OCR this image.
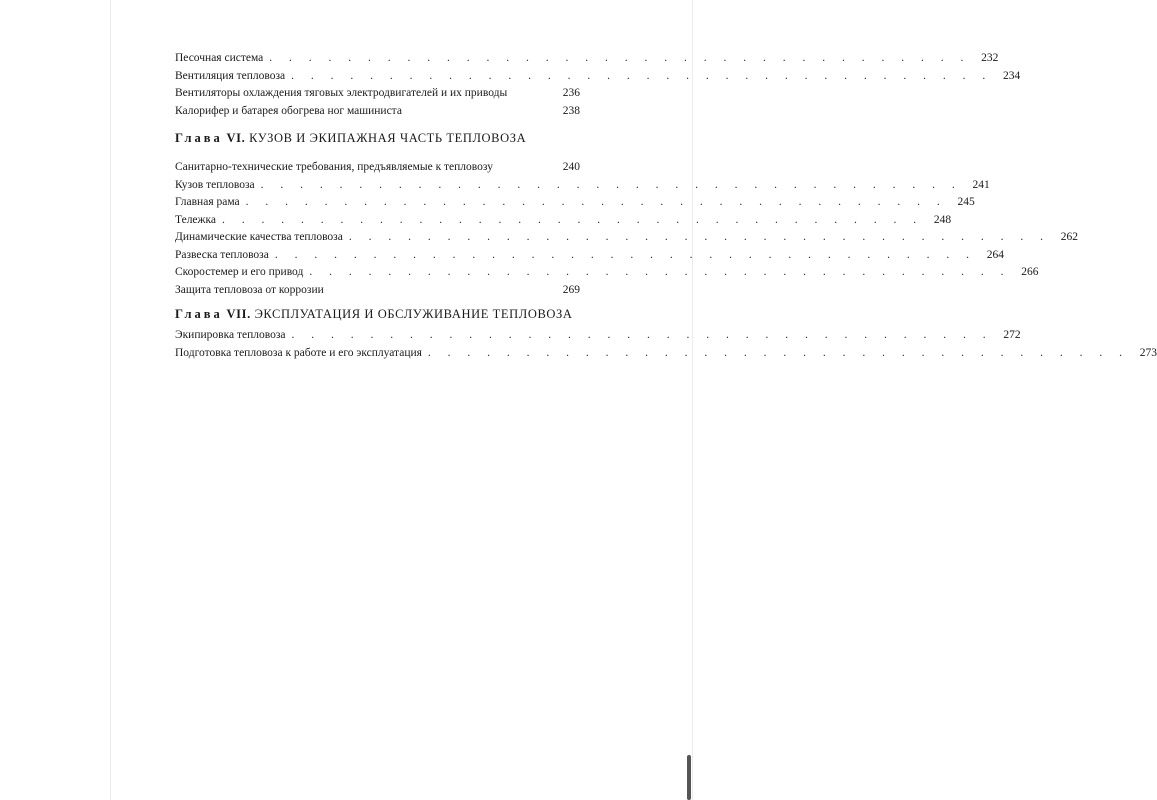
Песочная система . . . . . . . . . . . . . . . . . . . . . . . . . . . . . . . . . . . . 232
Вентиляция тепловоза . . . . . . . . . . . . . . . . . . . . . . . . . . . . . . . . . . . . 234
Вентиляторы охлаждения тяговых электродвигателей и их приводы	236
Калорифер и батарея обогрева ног машиниста	238
Глава VI. КУЗОВ И ЭКИПАЖНАЯ ЧАСТЬ ТЕПЛОВОЗА
Санитарно-технические требования, предъявляемые к тепловозу	240
Кузов тепловоза . . . . . . . . . . . . . . . . . . . . . . . . . . . . . . . . . . . . 241
Главная рама . . . . . . . . . . . . . . . . . . . . . . . . . . . . . . . . . . . . 245
Тележка . . . . . . . . . . . . . . . . . . . . . . . . . . . . . . . . . . . . 248
Динамические качества тепловоза . . . . . . . . . . . . . . . . . . . . . . . . . . . . . . . . . . . . 262
Развеска тепловоза . . . . . . . . . . . . . . . . . . . . . . . . . . . . . . . . . . . . 264
Скоростемер и его привод . . . . . . . . . . . . . . . . . . . . . . . . . . . . . . . . . . . . 266
Защита тепловоза от коррозии	269
Глава VII. ЭКСПЛУАТАЦИЯ И ОБСЛУЖИВАНИЕ ТЕПЛОВОЗА
Экипировка тепловоза . . . . . . . . . . . . . . . . . . . . . . . . . . . . . . . . . . . . 272
Подготовка тепловоза к работе и его эксплуатация . . . . . . . . . . . . . . . . . . . . . . . . . . . . . . . . . . . . 273
